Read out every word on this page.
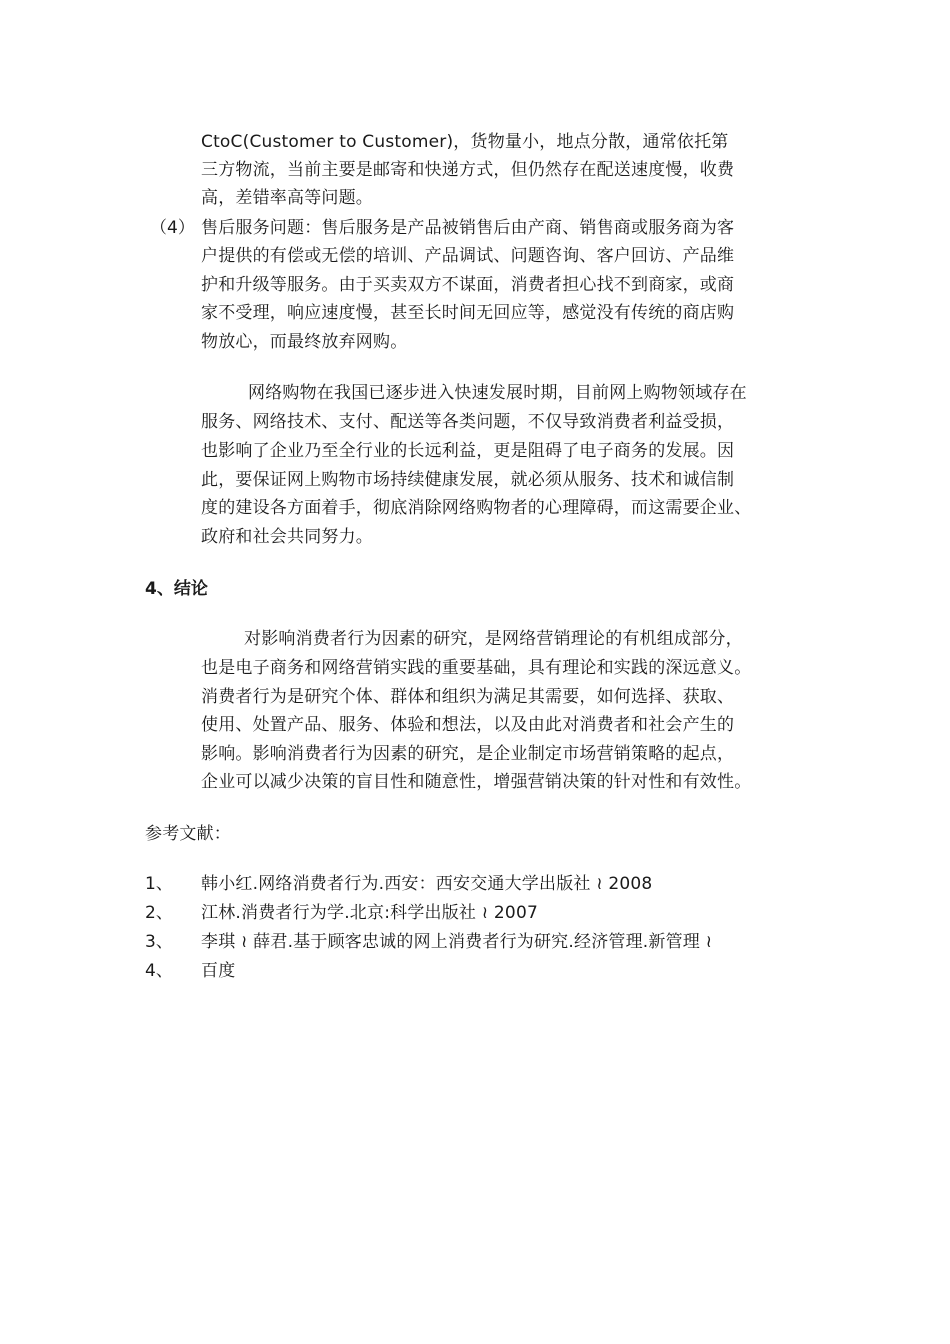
CtoC(Customer to Customer)，货物量小，地点分散，通常依托第
三方物流，当前主要是邮寄和快递方式，但仍然存在配送速度慢，收费
高，差错率高等问题。
（4） 售后服务问题：售后服务是产品被销售后由产商、销售商或服务商为客
户提供的有偿或无偿的培训、产品调试、问题咨询、客户回访、产品维
护和升级等服务。由于买卖双方不谋面，消费者担心找不到商家，或商
家不受理，响应速度慢，甚至长时间无回应等，感觉没有传统的商店购
物放心，而最终放弃网购。
网络购物在我国已逐步进入快速发展时期，目前网上购物领域存在
服务、网络技术、支付、配送等各类问题，不仅导致消费者利益受损，
也影响了企业乃至全行业的长远利益，更是阻碍了电子商务的发展。因
此，要保证网上购物市场持续健康发展，就必须从服务、技术和诚信制
度的建设各方面着手，彻底消除网络购物者的心理障碍，而这需要企业、
政府和社会共同努力。
4、结论
对影响消费者行为因素的研究，是网络营销理论的有机组成部分，
也是电子商务和网络营销实践的重要基础，具有理论和实践的深远意义。
消费者行为是研究个体、群体和组织为满足其需要，如何选择、获取、
使用、处置产品、服务、体验和想法，以及由此对消费者和社会产生的
影响。影响消费者行为因素的研究，是企业制定市场营销策略的起点，
企业可以减少决策的盲目性和随意性，增强营销决策的针对性和有效性。
参考文献：
1、 韩小红.网络消费者行为.西安：西安交通大学出版社 ≀ 2008
2、 江林.消费者行为学.北京:科学出版社 ≀ 2007
3、 李琪 ≀ 薛君.基于顾客忠诚的网上消费者行为研究.经济管理.新管理 ≀
4、 百度
